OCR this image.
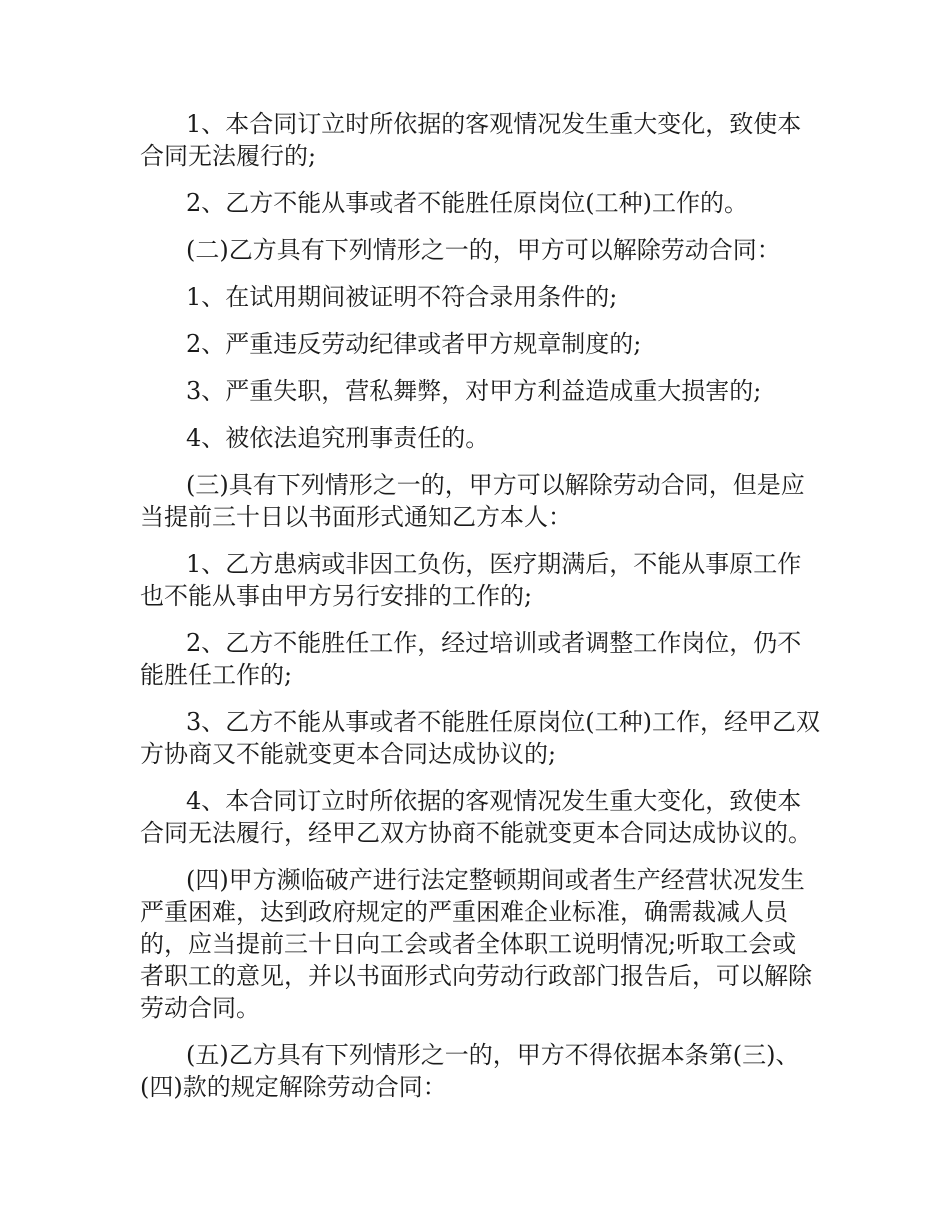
1、本合同订立时所依据的客观情况发生重大变化，致使本合同无法履行的;

2、乙方不能从事或者不能胜任原岗位(工种)工作的。

(二)乙方具有下列情形之一的，甲方可以解除劳动合同：

1、在试用期间被证明不符合录用条件的;

2、严重违反劳动纪律或者甲方规章制度的;

3、严重失职，营私舞弊，对甲方利益造成重大损害的;

4、被依法追究刑事责任的。

(三)具有下列情形之一的，甲方可以解除劳动合同，但是应当提前三十日以书面形式通知乙方本人：

1、乙方患病或非因工负伤，医疗期满后，不能从事原工作也不能从事由甲方另行安排的工作的;

2、乙方不能胜任工作，经过培训或者调整工作岗位，仍不能胜任工作的;

3、乙方不能从事或者不能胜任原岗位(工种)工作，经甲乙双方协商又不能就变更本合同达成协议的;

4、本合同订立时所依据的客观情况发生重大变化，致使本合同无法履行，经甲乙双方协商不能就变更本合同达成协议的。

(四)甲方濒临破产进行法定整顿期间或者生产经营状况发生严重困难，达到政府规定的严重困难企业标准，确需裁减人员的，应当提前三十日向工会或者全体职工说明情况;听取工会或者职工的意见，并以书面形式向劳动行政部门报告后，可以解除劳动合同。

(五)乙方具有下列情形之一的，甲方不得依据本条第(三)、(四)款的规定解除劳动合同：
